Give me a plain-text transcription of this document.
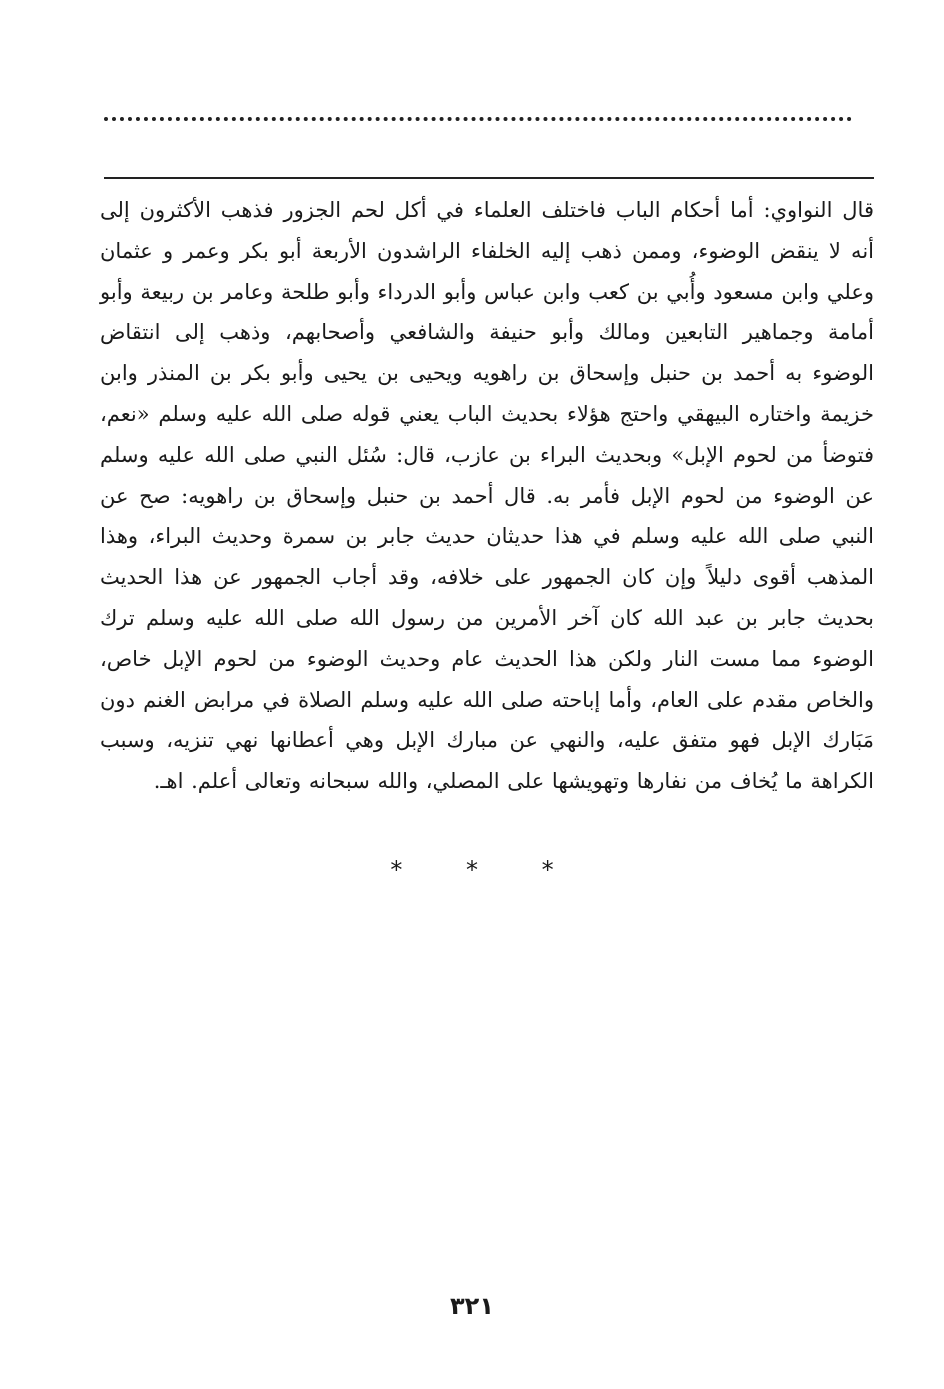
قال النواوي: أما أحكام الباب فاختلف العلماء في أكل لحم الجزور فذهب الأكثرون إلى أنه لا ينقض الوضوء، وممن ذهب إليه الخلفاء الراشدون الأربعة أبو بكر وعمر و عثمان وعلي وابن مسعود وأُبي بن كعب وابن عباس وأبو الدرداء وأبو طلحة وعامر بن ربيعة وأبو أمامة وجماهير التابعين ومالك وأبو حنيفة والشافعي وأصحابهم، وذهب إلى انتقاض الوضوء به أحمد بن حنبل وإسحاق بن راهويه ويحيى بن يحيى وأبو بكر بن المنذر وابن خزيمة واختاره البيهقي واحتج هؤلاء بحديث الباب يعني قوله صلى الله عليه وسلم «نعم، فتوضأ من لحوم الإبل» وبحديث البراء بن عازب، قال: سُئل النبي صلى الله عليه وسلم عن الوضوء من لحوم الإبل فأمر به. قال أحمد بن حنبل وإسحاق بن راهويه: صح عن النبي صلى الله عليه وسلم في هذا حديثان حديث جابر بن سمرة وحديث البراء، وهذا المذهب أقوى دليلاً وإن كان الجمهور على خلافه، وقد أجاب الجمهور عن هذا الحديث بحديث جابر بن عبد الله كان آخر الأمرين من رسول الله صلى الله عليه وسلم ترك الوضوء مما مست النار ولكن هذا الحديث عام وحديث الوضوء من لحوم الإبل خاص، والخاص مقدم على العام، وأما إباحته صلى الله عليه وسلم الصلاة في مرابض الغنم دون مَبَارك الإبل فهو متفق عليه، والنهي عن مبارك الإبل وهي أعطانها نهي تنزيه، وسبب الكراهة ما يُخاف من نفارها وتهويشها على المصلي، والله سبحانه وتعالى أعلم. اهـ.

* * *
٣٢١
